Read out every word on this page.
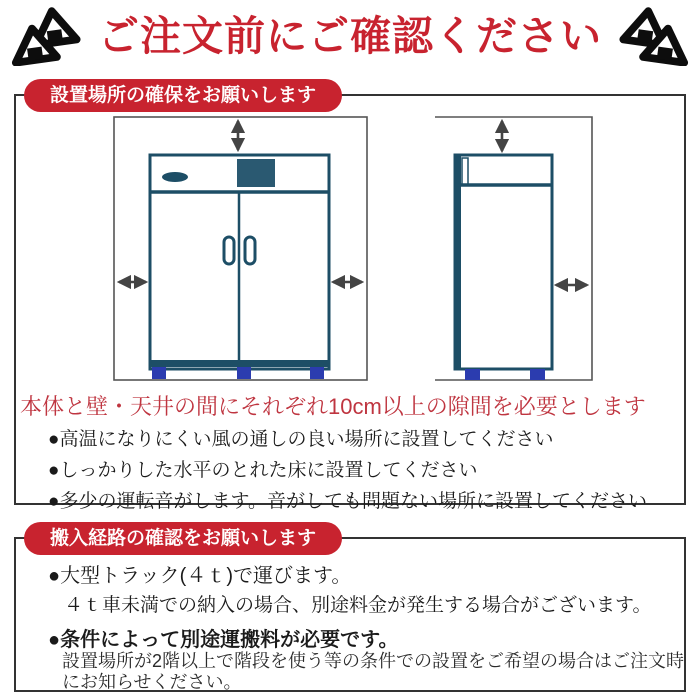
ご注文前にご確認ください
設置場所の確保をお願いします
本体と壁・天井の間にそれぞれ10cm以上の隙間を必要とします
●高温になりにくい風の通しの良い場所に設置してください
●しっかりした水平のとれた床に設置してください
●多少の運転音がします。音がしても問題ない場所に設置してください
搬入経路の確認をお願いします
●大型トラック(４ｔ)で運びます。
４ｔ車未満での納入の場合、別途料金が発生する場合がございます。
●条件によって別途運搬料が必要です。
設置場所が2階以上で階段を使う等の条件での設置をご希望の場合はご注文時にお知らせください。
